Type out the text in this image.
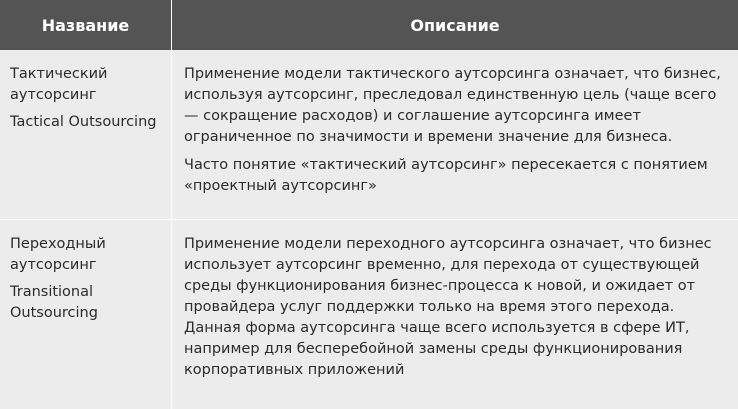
Название	Описание

Тактический аутсорсинг

Tactical Outsourcing

Применение модели тактического аутсорсинга означает, что бизнес, используя аутсорсинг, преследовал единственную цель (чаще всего — сокращение расходов) и соглашение аутсорсинга имеет ограниченное по значимости и времени значение для бизнеса.

Часто понятие «тактический аутсорсинг» пересекается с понятием «проектный аутсорсинг»

Переходный аутсорсинг

Transitional Outsourcing

Применение модели переходного аутсорсинга означает, что бизнес использует аутсорсинг временно, для перехода от существующей среды функционирования бизнес-процесса к новой, и ожидает от провайдера услуг поддержки только на время этого перехода. Данная форма аутсорсинга чаще всего используется в сфере ИТ, например для бесперебойной замены среды функционирования корпоративных приложений
